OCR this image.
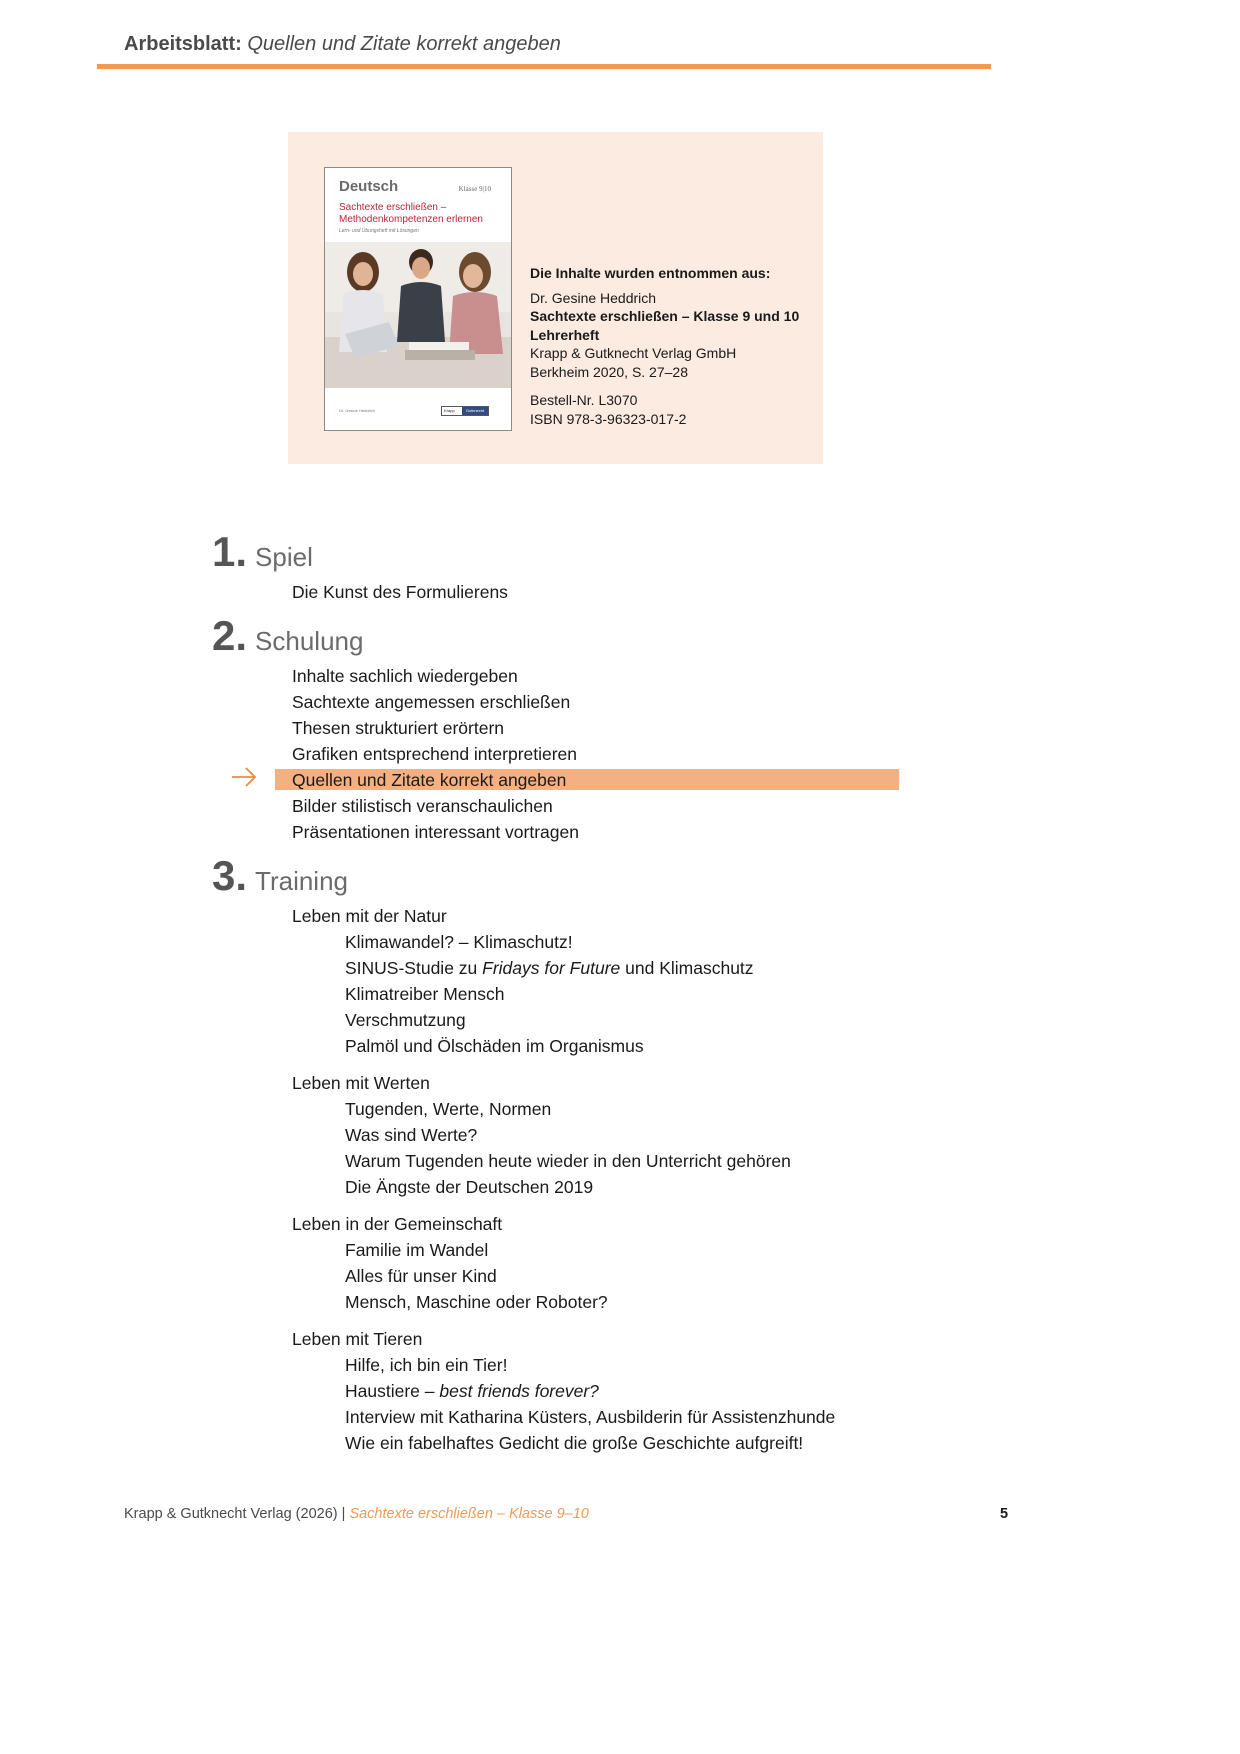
Arbeitsblatt: Quellen und Zitate korrekt angeben
Deutsch	Klasse 9|10
Sachtexte erschließen –
Methodenkompetenzen erlernen
Lern- und Übungsheft mit Lösungen
Dr. Gesine Heddrich	Krapp	Gutknecht
Die Inhalte wurden entnommen aus:
Dr. Gesine Heddrich
Sachtexte erschließen – Klasse 9 und 10
Lehrerheft
Krapp & Gutknecht Verlag GmbH
Berkheim 2020, S. 27–28
Bestell-Nr. L3070
ISBN 978-3-96323-017-2
1. Spiel
Die Kunst des Formulierens
2. Schulung
Inhalte sachlich wiedergeben
Sachtexte angemessen erschließen
Thesen strukturiert erörtern
Grafiken entsprechend interpretieren
Quellen und Zitate korrekt angeben
Bilder stilistisch veranschaulichen
Präsentationen interessant vortragen
3. Training
Leben mit der Natur
Klimawandel? – Klimaschutz!
SINUS-Studie zu Fridays for Future und Klimaschutz
Klimatreiber Mensch
Verschmutzung
Palmöl und Ölschäden im Organismus
Leben mit Werten
Tugenden, Werte, Normen
Was sind Werte?
Warum Tugenden heute wieder in den Unterricht gehören
Die Ängste der Deutschen 2019
Leben in der Gemeinschaft
Familie im Wandel
Alles für unser Kind
Mensch, Maschine oder Roboter?
Leben mit Tieren
Hilfe, ich bin ein Tier!
Haustiere – best friends forever?
Interview mit Katharina Küsters, Ausbilderin für Assistenzhunde
Wie ein fabelhaftes Gedicht die große Geschichte aufgreift!
Krapp & Gutknecht Verlag (2026) | Sachtexte erschließen – Klasse 9–10	5
